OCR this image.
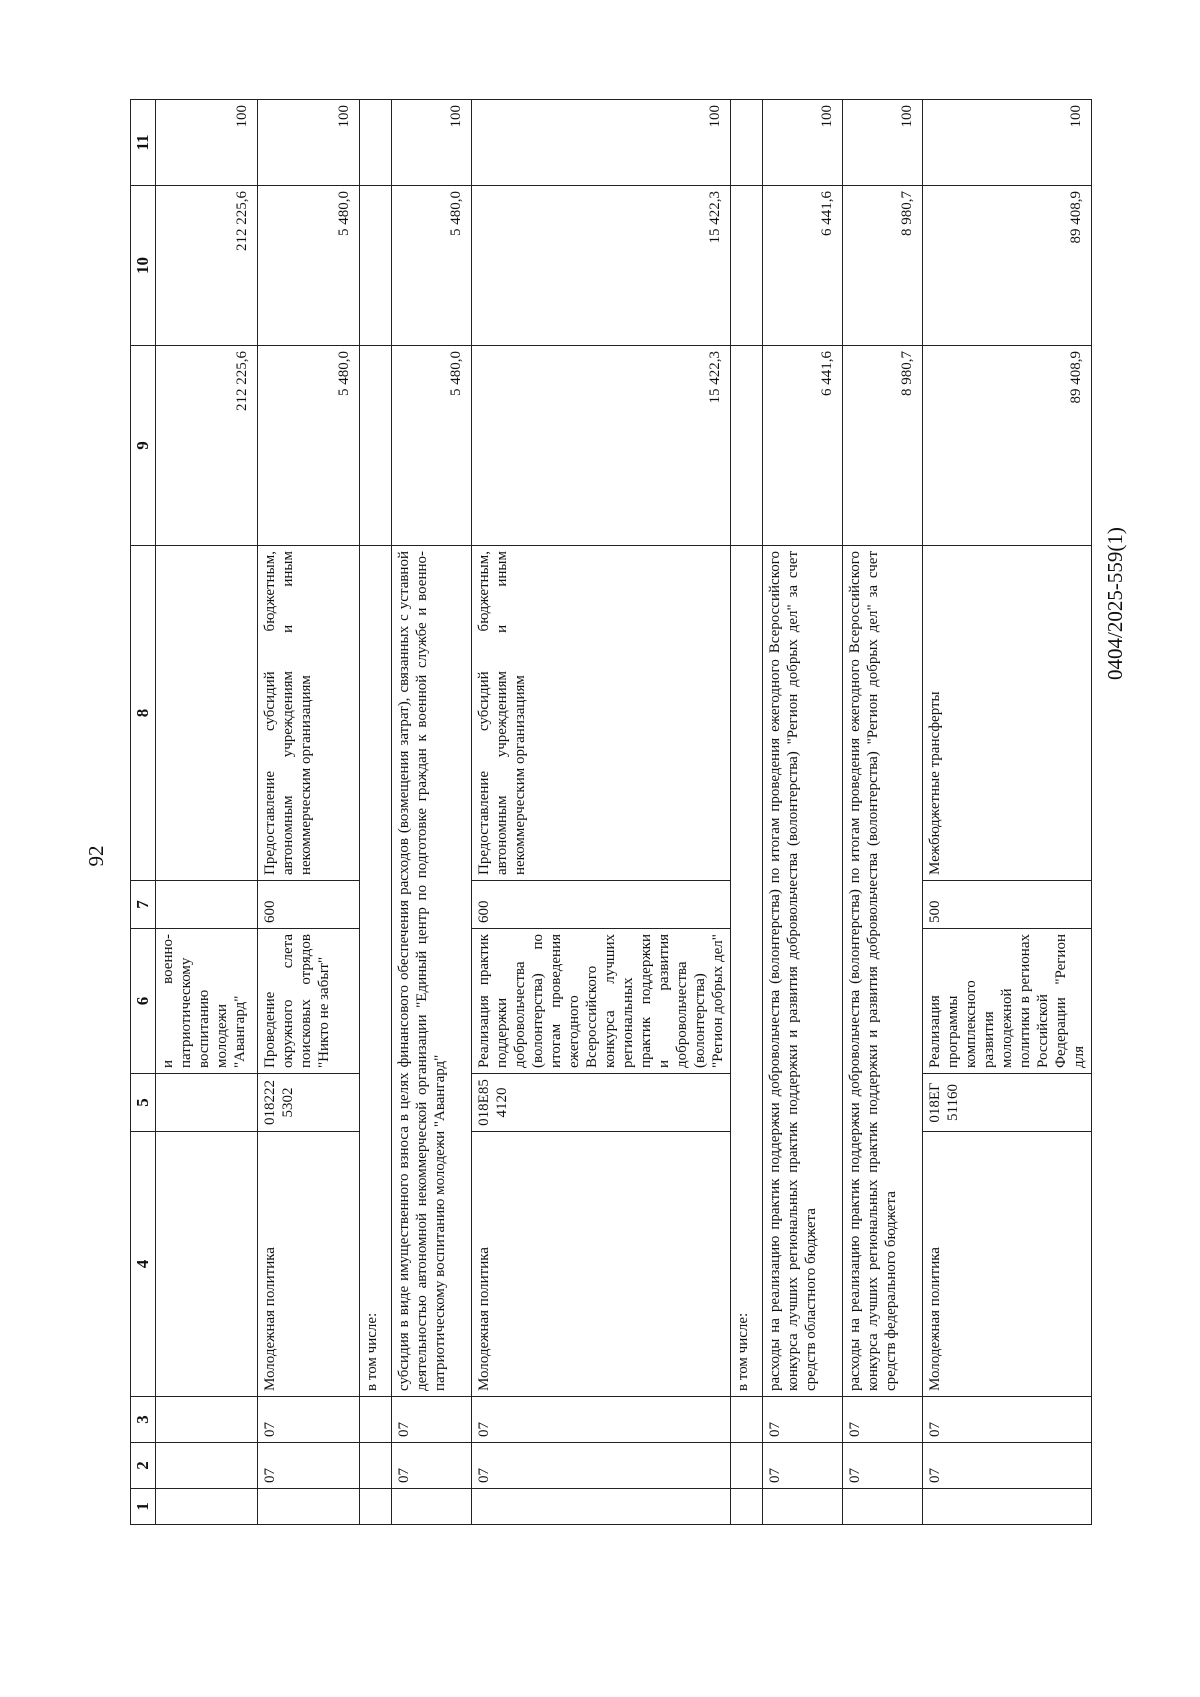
92
0404/2025-559(1)
1	2	3	4	5	6	7	8	9	10	11
					и военно-патриотическому воспитанию молодежи "Авангард"			212 225,6	212 225,6	100
	07	07	Молодежная политика	018222 5302	Проведение окружного слета поисковых отрядов "Никто не забыт"	600	Предоставление субсидий бюджетным, автономным учреждениям и иным некоммерческим организациям	5 480,0	5 480,0	100
			в том числе:							
	07	07	субсидия в виде имущественного взноса в целях финансового обеспечения расходов (возмещения затрат), связанных с уставной деятельностью автономной некоммерческой организации "Единый центр по подготовке граждан к военной службе и военно-патриотическому воспитанию молодежи "Авангард"					5 480,0	5 480,0	100
	07	07	Молодежная политика	018Е85 4120	Реализация практик поддержки добровольчества (волонтерства) по итогам проведения ежегодного Всероссийского конкурса лучших региональных практик поддержки и развития добровольчества (волонтерства) "Регион добрых дел"	600	Предоставление субсидий бюджетным, автономным учреждениям и иным некоммерческим организациям	15 422,3	15 422,3	100
			в том числе:							
	07	07	расходы на реализацию практик поддержки добровольчества (волонтерства) по итогам проведения ежегодного Всероссийского конкурса лучших региональных практик поддержки и развития добровольчества (волонтерства) "Регион добрых дел" за счет средств областного бюджета					6 441,6	6 441,6	100
	07	07	расходы на реализацию практик поддержки добровольчества (волонтерства) по итогам проведения ежегодного Всероссийского конкурса лучших региональных практик поддержки и развития добровольчества (волонтерства) "Регион добрых дел" за счет средств федерального бюджета					8 980,7	8 980,7	100
	07	07	Молодежная политика	018ЕГ 51160	Реализация программы комплексного развития молодежной политики в регионах Российской Федерации "Регион для	500	Межбюджетные трансферты	89 408,9	89 408,9	100
